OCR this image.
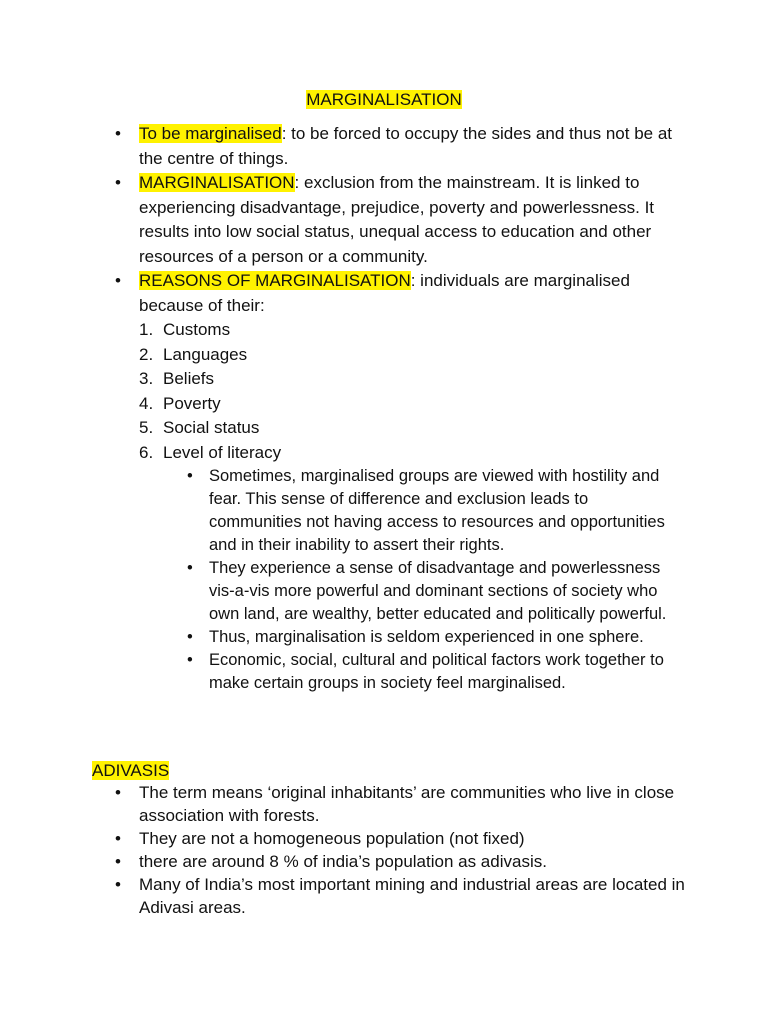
MARGINALISATION
• To be marginalised: to be forced to occupy the sides and thus not be at the centre of things.
• MARGINALISATION: exclusion from the mainstream. It is linked to experiencing disadvantage, prejudice, poverty and powerlessness. It results into low social status, unequal access to education and other resources of a person or a community.
• REASONS OF MARGINALISATION: individuals are marginalised because of their:
1. Customs
2. Languages
3. Beliefs
4. Poverty
5. Social status
6. Level of literacy
• Sometimes, marginalised groups are viewed with hostility and fear. This sense of difference and exclusion leads to communities not having access to resources and opportunities and in their inability to assert their rights.
• They experience a sense of disadvantage and powerlessness vis-a-vis more powerful and dominant sections of society who own land, are wealthy, better educated and politically powerful.
• Thus, marginalisation is seldom experienced in one sphere.
• Economic, social, cultural and political factors work together to make certain groups in society feel marginalised.
ADIVASIS
• The term means ‘original inhabitants’ are communities who live in close association with forests.
• They are not a homogeneous population (not fixed)
• there are around 8 % of india’s population as adivasis.
• Many of India’s most important mining and industrial areas are located in Adivasi areas.
